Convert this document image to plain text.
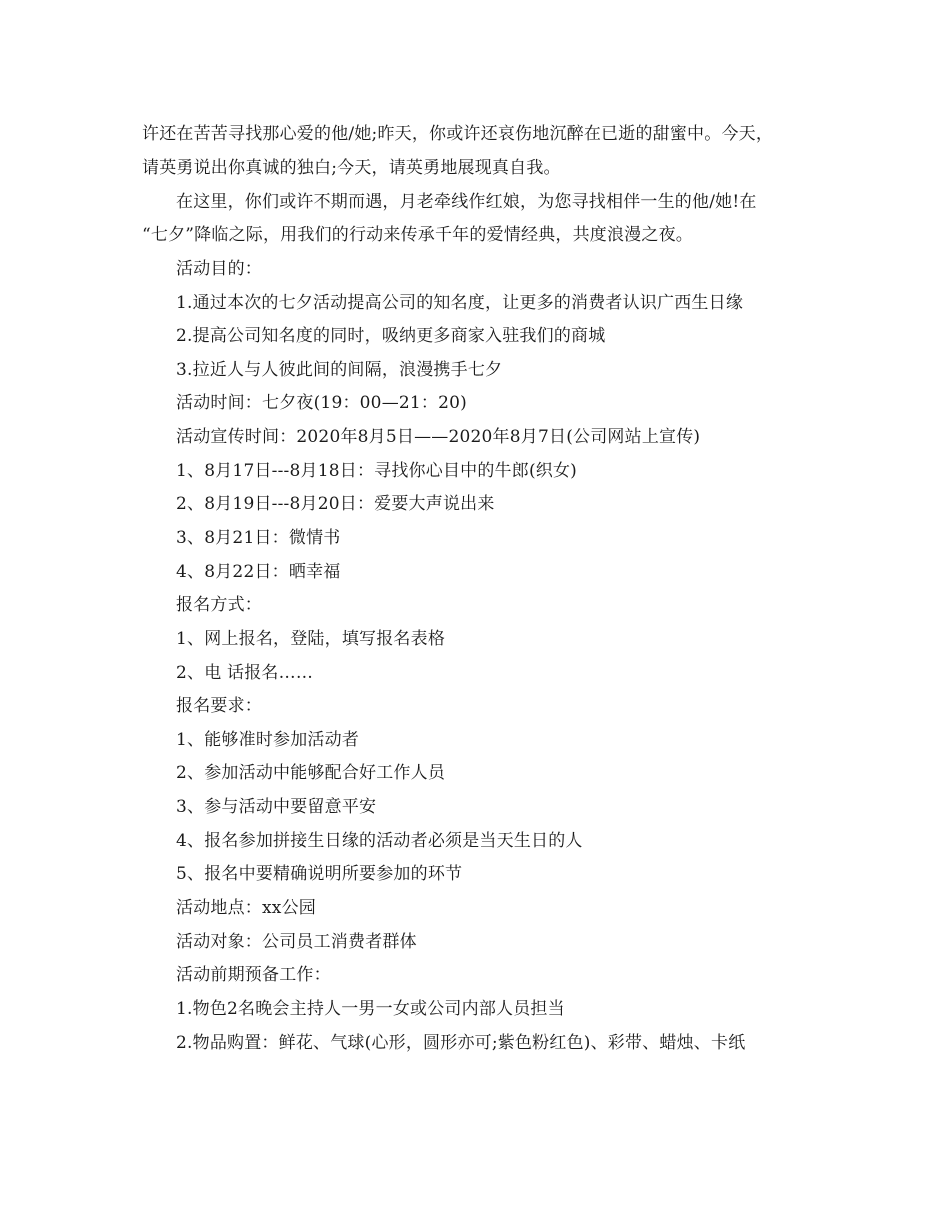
许还在苦苦寻找那心爱的他/她;昨天，你或许还哀伤地沉醉在已逝的甜蜜中。今天，
请英勇说出你真诚的独白;今天，请英勇地展现真自我。
在这里，你们或许不期而遇，月老牵线作红娘，为您寻找相伴一生的他/她!在
“七夕”降临之际，用我们的行动来传承千年的爱情经典，共度浪漫之夜。
活动目的：
1.通过本次的七夕活动提高公司的知名度，让更多的消费者认识广西生日缘
2.提高公司知名度的同时，吸纳更多商家入驻我们的商城
3.拉近人与人彼此间的间隔，浪漫携手七夕
活动时间：七夕夜(19：00—21：20)
活动宣传时间：2020年8月5日——2020年8月7日(公司网站上宣传)
1、8月17日---8月18日：寻找你心目中的牛郎(织女)
2、8月19日---8月20日：爱要大声说出来
3、8月21日：微情书
4、8月22日：晒幸福
报名方式：
1、网上报名，登陆，填写报名表格
2、电 话报名……
报名要求：
1、能够准时参加活动者
2、参加活动中能够配合好工作人员
3、参与活动中要留意平安
4、报名参加拼接生日缘的活动者必须是当天生日的人
5、报名中要精确说明所要参加的环节
活动地点：xx公园
活动对象：公司员工消费者群体
活动前期预备工作：
1.物色2名晚会主持人一男一女或公司内部人员担当
2.物品购置：鲜花、气球(心形，圆形亦可;紫色粉红色)、彩带、蜡烛、卡纸
